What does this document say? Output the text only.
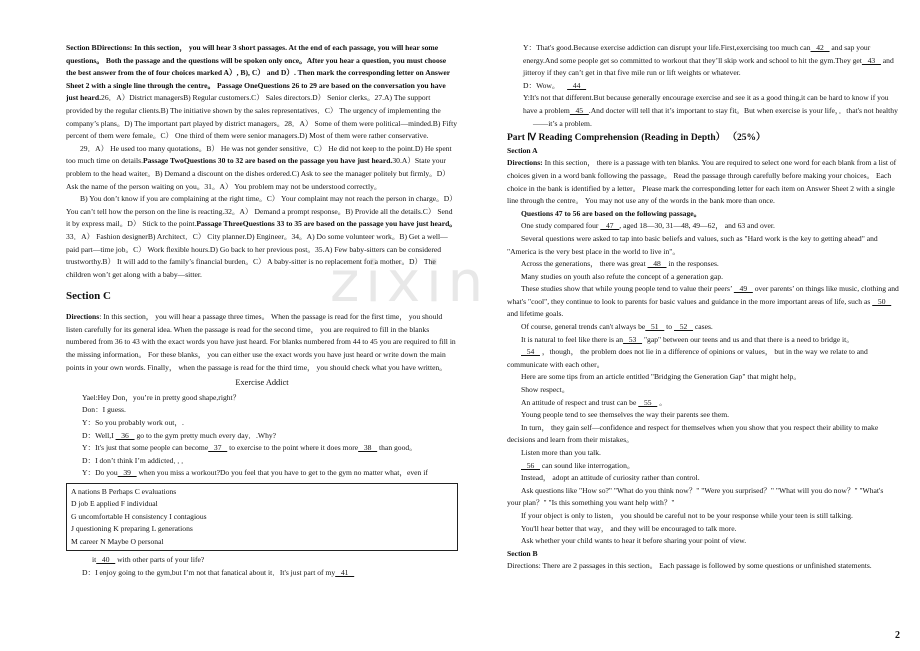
zixin

Section BDirections: In this section， you will hear 3 short passages. At the end of each passage, you will hear some questions。 Both the passage and the questions will be spoken only once。After you hear a question, you must choose the best answer from the of four choices marked A）, B), C） and D）. Then mark the corresponding letter on Answer Sheet 2 with a single line through the centre。 Passage OneQuestions 26 to 29 are based on the conversation you have just heard.26．A）District managersB) Regular customers.C） Sales directors.D） Senior clerks。27.A) The support provided by the regular clients.B) The initiative shown by the sales representatives．C） The urgency of implementing the company’s plans。D) The important part played by district managers。28．A） Some of them were political—minded.B) Fifty percent of them were female。C） One third of them were senior managers.D) Most of them were rather conservative.

29．A） He used too many quotations。B） He was not gender sensitive．C） He did not keep to the point.D) He spent too much time on details.Passage TwoQuestions 30 to 32 are based on the passage you have just heard.30.A）State your problem to the head waiter。B) Demand a discount on the dishes ordered.C) Ask to see the manager politely but firmly。D） Ask the name of the person waiting on you。31。A） You problem may not be understood correctly。

B) You don’t know if you are complaining at the right time。C） Your complaint may not reach the person in charge。D） You can’t tell how the person on the line is reacting.32。A） Demand a prompt response。B) Provide all the details.C） Send it by express mail。D） Stick to the point.Passage ThreeQuestions 33 to 35 are based on the passage you have just heard。33．A） Fashion designerB) Architect．C） City planner.D) Engineer。34。A) Do some volunteer work。B) Get a well—paid part—time job。C） Work flexible hours.D) Go back to her previous post。35.A) Few baby-sitters can be considered trustworthy.B） It will add to the family’s financial burden。C） A baby-sitter is no replacement for a mother。D） The children won’t get along with a baby—sitter.

Section C

Directions: In this section， you will hear a passage three times。 When the passage is read for the first time， you should listen carefully for its general idea. When the passage is read for the second time， you are required to fill in the blanks numbered from 36 to 43 with the exact words you have just heard. For blanks numbered from 44 to 45 you are required to fill in the missing information。 For these blanks， you can either use the exact words you have just heard or write down the main points in your own words. Finally， when the passage is read for the third time， you should check what you have written。

Exercise Addict

Yael:Hey Don，you’re in pretty good shape,right？

Don：I guess.

Y：So you probably work out，.

D：Well,I    36    go to the gym pretty much every day．.Why?

Y：It's just that some people can become   37    to exercise to the point where it does more   38    than good。

D：I don’t think I’m addicted．．．

Y：Do you   39    when you miss a workout?Do you feel that you have to get to the gym no matter what，even if

A nations B Perhaps C evaluations
D job E applied F individual
G uncomfortable H consistency I contagious
J questioning K preparing L generations
M career N Maybe O personal

it   40    with other parts of your life?

D：I enjoy going to the gym,but I’m not that fanatical about it．It's just part of my   41

Y：That's good.Because exercise addiction can disrupt your life.First,exercising too much can   42    and sap your energy.And some people get so committed to workout that they’ll skip work and school to hit the gym.They get   43    and jitteroy if they can’t get in that five mile run or lift weights or whatever.

D：Wow。       44

Y:It's not that different.But because generally encourage exercise and see it as a good thing,it can be hard to know if you have a problem   45   .And docter will tell that it’s important to stay fit。But when exercise is your life，．that's not healthy

——it’s a problem.

Part Ⅳ Reading Comprehension (Reading in Depth） （25%）

Section A

Directions: In this section， there is a passage with ten blanks. You are required to select one word for each blank from a list of choices given in a word bank following the passage。 Read the passage through carefully before making your choices。 Each choice in the bank is identified by a letter。 Please mark the corresponding letter for each item on Answer Sheet 2 with a single line through the centre。 You may not use any of the words in the bank more than once.

Questions 47 to 56 are based on the following passage。

One study compared four    47   , aged 18—30, 31—48, 49—62， and 63 and over.

Several questions were asked to tap into basic beliefs and values, such as "Hard work is the key to getting ahead" and "America is the very best place in the world to live in"。

Across the generations， there was great    48    in the responses.

Many studies on youth also refute the concept of a generation gap.

These studies show that while young people tend to value their peers’    49    over parents’ on things like music, clothing and what's "cool", they continue to look to parents for basic values and guidance in the more important areas of life, such as    50    and lifetime goals.

Of course, general trends can't always be   51    to    52    cases.

It is natural to feel like there is an   53    "gap" between our teens and us and that there is a need to bridge it。

54    ，though， the problem does not lie in a difference of opinions or values， but in the way we relate to and communicate with each other。

Here are some tips from an article entitled "Bridging the Generation Gap" that might help。

Show respect。

An attitude of respect and trust can be    55    。

Young people tend to see themselves the way their parents see them.

In turn， they gain self—confidence and respect for themselves when you show that you respect their ability to make decisions and learn from their mistakes。

Listen more than you talk.

56    can sound like interrogation。

Instead， adopt an attitude of curiosity rather than control.

Ask questions like "How so?" "What do you think now？" "Were you surprised？" "What will you do now？" "What's your plan？" "Is this something you want help with？"

If your object is only to listen， you should be careful not to be your response while your teen is still talking.

You'll hear better that way， and they will be encouraged to talk more.

Ask whether your child wants to hear it before sharing your point of view.

Section B

Directions: There are 2 passages in this section。 Each passage is followed by some questions or unfinished statements.

2
